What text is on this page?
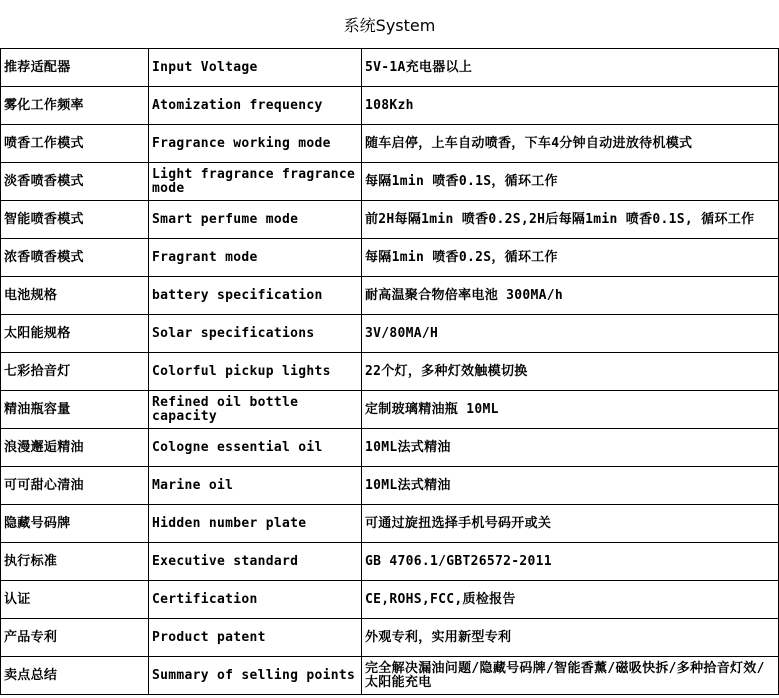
系统System
推荐适配器	Input Voltage	5V-1A充电器以上
雾化工作频率	Atomization frequency	108Kzh
喷香工作模式	Fragrance working mode	随车启停，上车自动喷香，下车4分钟自动进放待机模式
淡香喷香模式	Light fragrance fragrance mode	每隔1min 喷香0.1S，循环工作
智能喷香模式	Smart perfume mode	前2H每隔1min 喷香0.2S,2H后每隔1min 喷香0.1S, 循环工作
浓香喷香模式	Fragrant mode	每隔1min 喷香0.2S，循环工作
电池规格	battery specification	耐高温聚合物倍率电池 300MA/h
太阳能规格	Solar specifications	3V/80MA/H
七彩拾音灯	Colorful pickup lights	22个灯，多种灯效触模切换
精油瓶容量	Refined oil bottle capacity	定制玻璃精油瓶 10ML
浪漫邂逅精油	Cologne essential oil	10ML法式精油
可可甜心清油	Marine oil	10ML法式精油
隐藏号码牌	Hidden number plate	可通过旋扭选择手机号码开或关
执行标准	Executive standard	GB 4706.1/GBT26572-2011
认证	Certification	CE,ROHS,FCC,质检报告
产品专利	Product patent	外观专利，实用新型专利
卖点总结	Summary of selling points	完全解决漏油问题/隐藏号码牌/智能香薰/磁吸快拆/多种拾音灯效/太阳能充电
